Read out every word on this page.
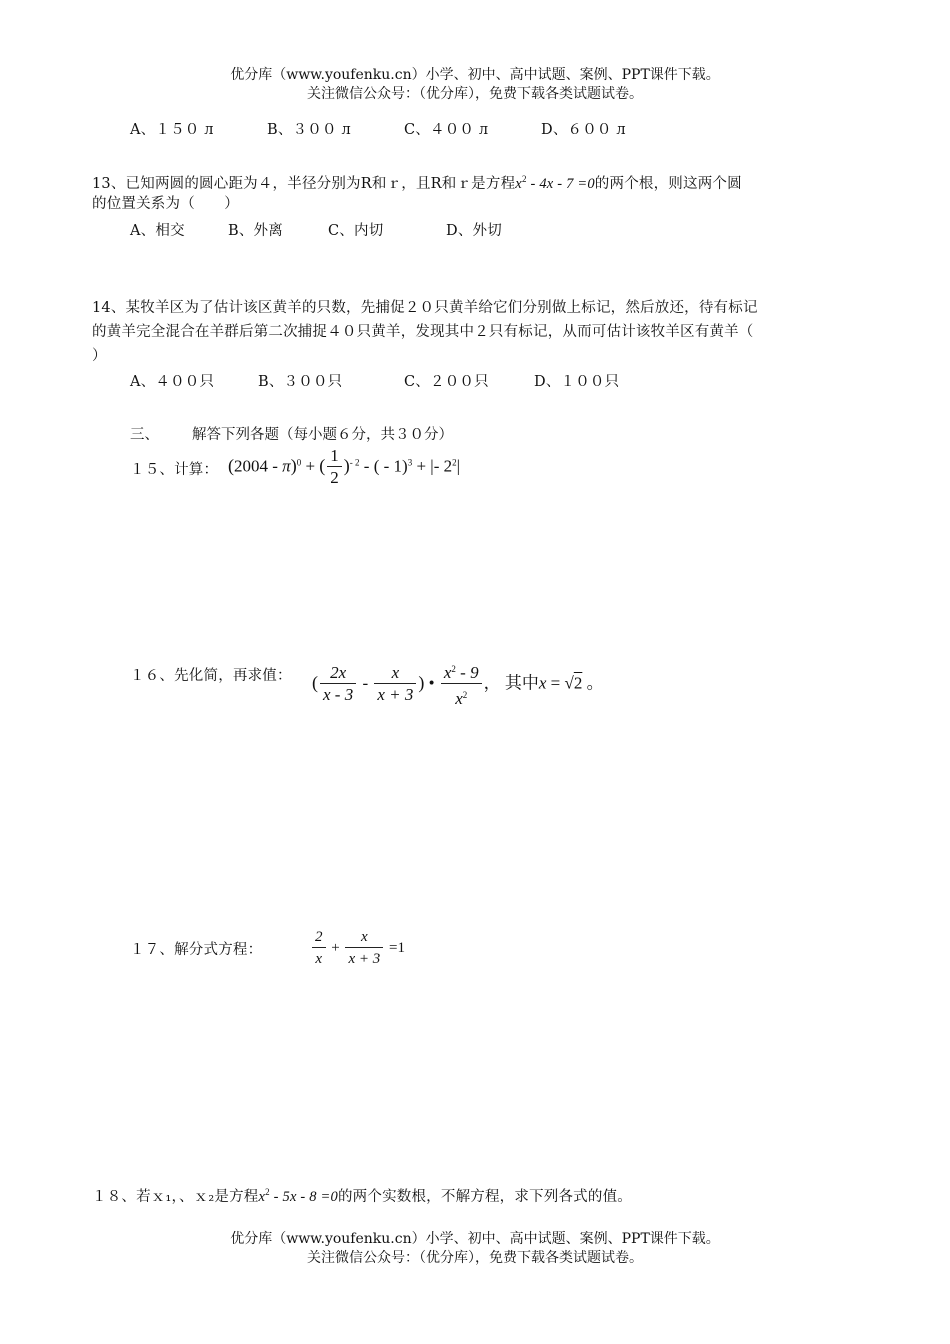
优分库（www.youfenku.cn）小学、初中、高中试题、案例、PPT课件下载。
关注微信公众号：（优分库），免费下载各类试题试卷。
A、１５０ л	B、３００ л	C、４００ л	D、６００ л
13、已知两圆的圆心距为４，半径分别为R和ｒ，且R和ｒ是方程$x^2 - 4x - 7 =0$的两个根，则这两个圆
的位置关系为（　　）
A、相交	B、外离	C、内切	D、外切
14、某牧羊区为了估计该区黄羊的只数，先捕促２０只黄羊给它们分别做上标记，然后放还，待有标记
的黄羊完全混合在羊群后第二次捕捉４０只黄羊，发现其中２只有标记，从而可估计该牧羊区有黄羊（
）
A、４００只	B、３００只	C、２００只	D、１００只
三、 解答下列各题（每小题６分，共３０分）
１５、计算： (2004 - π)$^0$ + ( $\frac{1}{2} )^{- 2}$ - ( - 1)$^3$ + |- $2^2|$
１６、先化简，再求值： ( $\frac{2x}{x - 3} - \frac{x}{x + 3}$ ) • $\frac{x^2 - 9}{x^2}$ ， 其中x = √2 。
１７、解分式方程：	$\frac{2}{x} + \frac{x}{x + 3} =1$
１８、若ｘ₁，、ｘ₂是方程$x^2 - 5x - 8 =0$的两个实数根，不解方程，求下列各式的值。
优分库（www.youfenku.cn）小学、初中、高中试题、案例、PPT课件下载。
关注微信公众号：（优分库），免费下载各类试题试卷。
